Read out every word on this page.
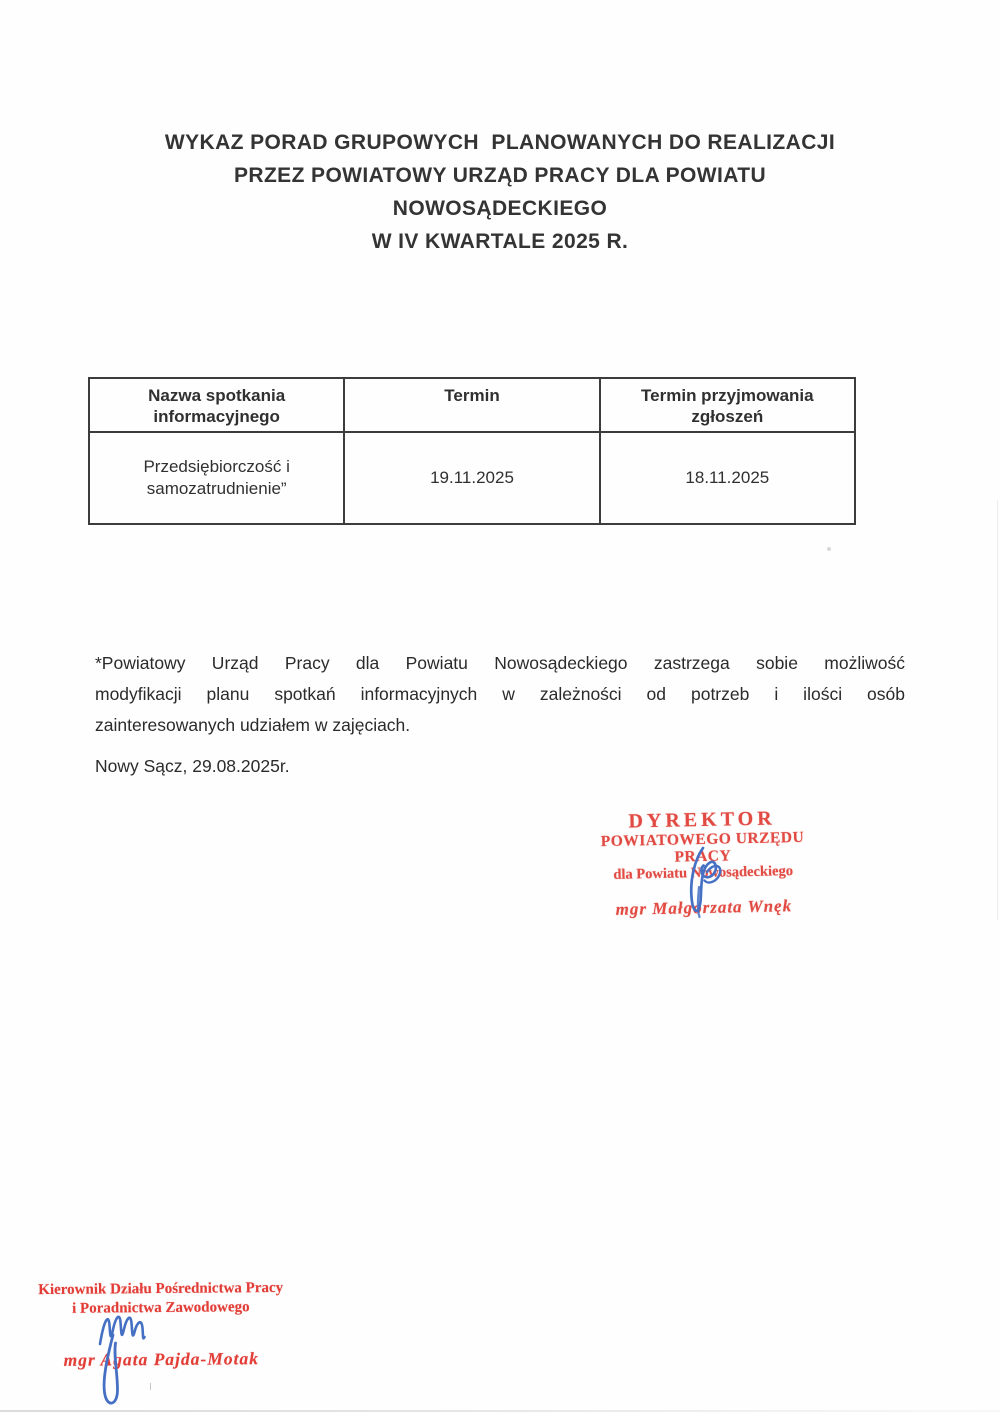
WYKAZ PORAD GRUPOWYCH  PLANOWANYCH DO REALIZACJI
PRZEZ POWIATOWY URZĄD PRACY DLA POWIATU
NOWOSĄDECKIEGO
W IV KWARTALE 2025 R.
Nazwa spotkania informacyjnego	Termin	Termin przyjmowania zgłoszeń
Przedsiębiorczość i samozatrudnienie”	19.11.2025	18.11.2025
*Powiatowy Urząd Pracy dla Powiatu Nowosądeckiego zastrzega sobie możliwość
modyfikacji planu spotkań informacyjnych w zależności od potrzeb i ilości osób
zainteresowanych udziałem w zajęciach.
Nowy Sącz, 29.08.2025r.
DYREKTOR
POWIATOWEGO URZĘDU PRACY
dla Powiatu Nowosądeckiego
mgr Małgorzata Wnęk
Kierownik Działu Pośrednictwa Pracy
i Poradnictwa Zawodowego
mgr Agata Pajda-Motak
